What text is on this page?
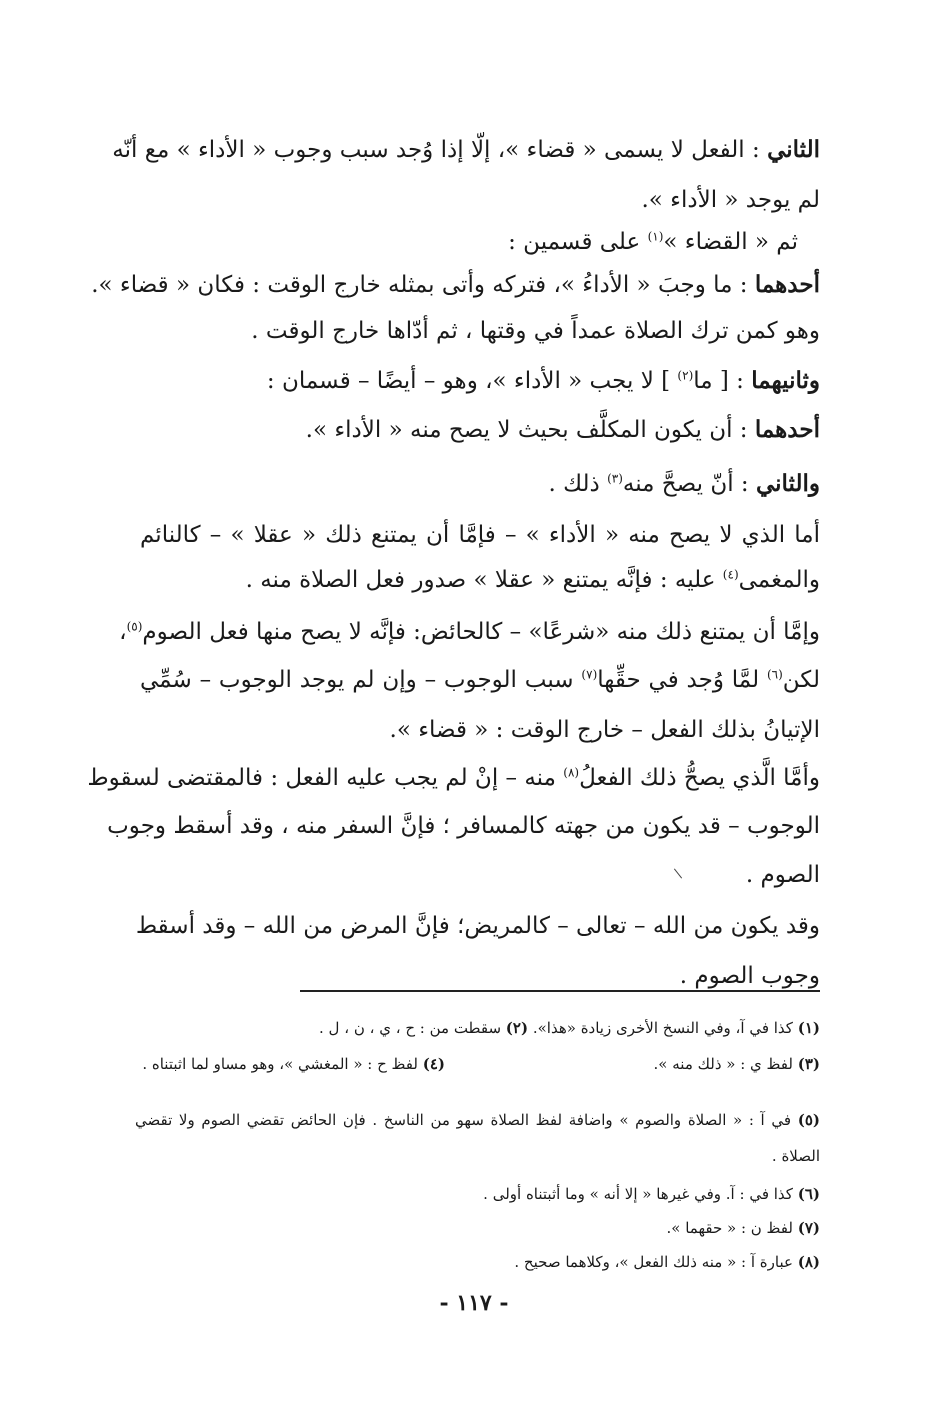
الثاني : الفعل لا يسمى « قضاء »، إلّا إذا وُجد سبب وجوب « الأداء » مع أنّه
لم يوجد « الأداء ».
ثم « القضاء »$^{(١)}$ على قسمين :
أحدهما : ما وجبَ « الأداءُ »، فتركه وأتى بمثله خارج الوقت : فكان « قضاء ».
وهو كمن ترك الصلاة عمداً في وقتها ، ثم أدّاها خارج الوقت .
وثانيهما : [ ما$^{(٢)}$ ] لا يجب « الأداء »، وهو – أيضًا – قسمان :
أحدهما : أن يكون المكلَّف بحيث لا يصح منه « الأداء ».
والثاني : أنّ يصحَّ منه$^{(٣)}$ ذلك .
أما الذي لا يصح منه « الأداء » – فإمَّا أن يمتنع ذلك « عقلا » – كالنائم
والمغمى$^{(٤)}$ عليه : فإنَّه يمتنع « عقلا » صدور فعل الصلاة منه .
وإمَّا أن يمتنع ذلك منه «شرعًا» – كالحائض: فإنَّه لا يصح منها فعل الصوم$^{(٥)}$،
لكن$^{(٦)}$ لمَّا وُجد في حقِّها$^{(٧)}$ سبب الوجوب – وإن لم يوجد الوجوب – سُمِّي
الإتيانُ بذلك الفعل – خارج الوقت : « قضاء ».
وأمَّا الَّذي يصحُّ ذلك الفعلُ$^{(٨)}$ منه – إنْ لم يجب عليه الفعل : فالمقتضى لسقوط
الوجوب – قد يكون من جهته كالمسافر ؛ فإنَّ السفر منه ، وقد أسقط وجوب
الصوم .
وقد يكون من الله – تعالى – كالمريض؛ فإنَّ المرض من الله – وقد أسقط
وجوب الصوم .
(١) كذا في آ، وفي النسخ الأخرى زيادة «هذا». (٢) سقطت من : ح ، ي ، ن ، ل .
(٣) لفظ ي : « ذلك منه ».
(٤) لفظ ح : « المغشي »، وهو مساو لما اثبتناه .
(٥) في آ : « الصلاة والصوم » واضافة لفظ الصلاة سهو من الناسخ . فإن الحائض تقضي الصوم ولا تقضي
الصلاة .
(٦) كذا في : آ. وفي غيرها « إلا أنه » وما أثبتناه أولى .
(٧) لفظ ن : « حقهما ».
(٨) عبارة آ : « منه ذلك الفعل »، وكلاهما صحيح .
- ١١٧ -
